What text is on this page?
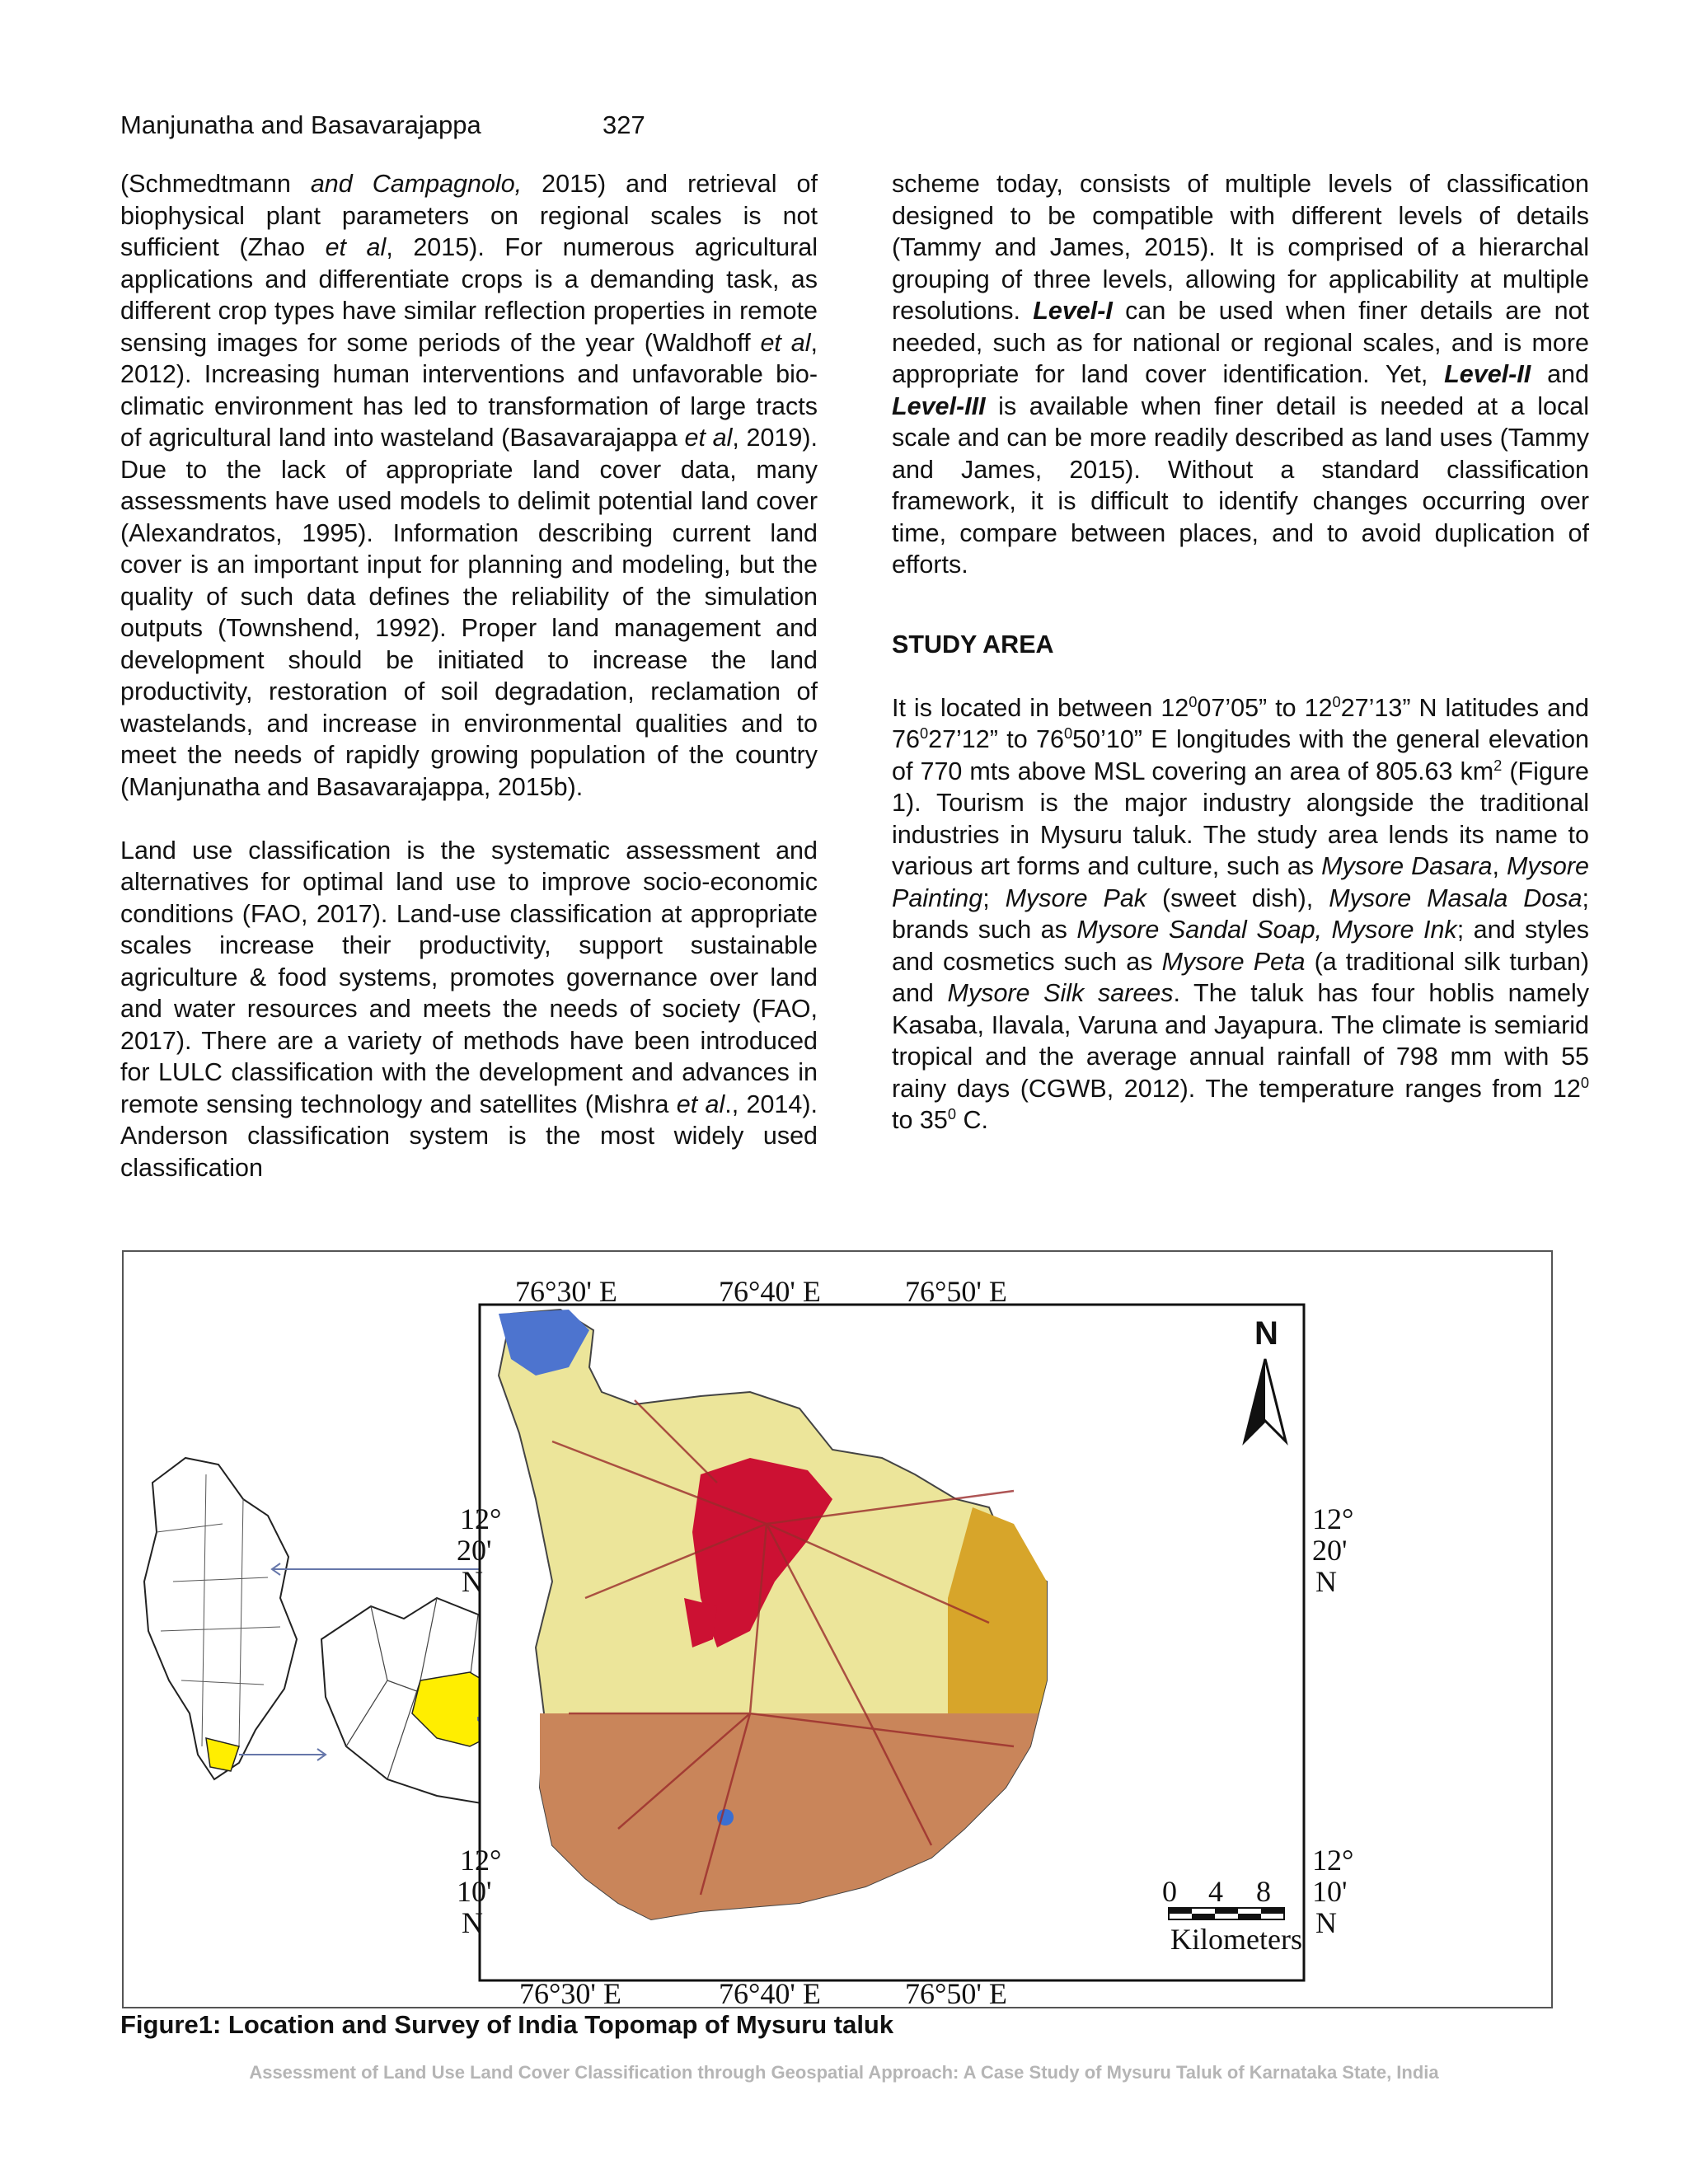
Manjunatha and Basavarajappa	327

(Schmedtmann and Campagnolo, 2015) and retrieval of biophysical plant parameters on regional scales is not sufficient (Zhao et al, 2015). For numerous agricultural applications and differentiate crops is a demanding task, as different crop types have similar reflection properties in remote sensing images for some periods of the year (Waldhoff et al, 2012). Increasing human interventions and unfavorable bio-climatic environment has led to transformation of large tracts of agricultural land into wasteland (Basavarajappa et al, 2019). Due to the lack of appropriate land cover data, many assessments have used models to delimit potential land cover (Alexandratos, 1995). Information describing current land cover is an important input for planning and modeling, but the quality of such data defines the reliability of the simulation outputs (Townshend, 1992). Proper land management and development should be initiated to increase the land productivity, restoration of soil degradation, reclamation of wastelands, and increase in environmental qualities and to meet the needs of rapidly growing population of the country (Manjunatha and Basavarajappa, 2015b).

Land use classification is the systematic assessment and alternatives for optimal land use to improve socio-economic conditions (FAO, 2017). Land-use classification at appropriate scales increase their productivity, support sustainable agriculture & food systems, promotes governance over land and water resources and meets the needs of society (FAO, 2017). There are a variety of methods have been introduced for LULC classification with the development and advances in remote sensing technology and satellites (Mishra et al., 2014). Anderson classification system is the most widely used classification

scheme today, consists of multiple levels of classification designed to be compatible with different levels of details (Tammy and James, 2015). It is comprised of a hierarchal grouping of three levels, allowing for applicability at multiple resolutions. Level-I can be used when finer details are not needed, such as for national or regional scales, and is more appropriate for land cover identification. Yet, Level-II and Level-III is available when finer detail is needed at a local scale and can be more readily described as land uses (Tammy and James, 2015). Without a standard classification framework, it is difficult to identify changes occurring over time, compare between places, and to avoid duplication of efforts.

STUDY AREA

It is located in between $12^007’05$” to $12^027’13$” N latitudes and $76^027’12$” to $76^050’10$” E longitudes with the general elevation of 770 mts above MSL covering an area of 805.63 $km^2$ (Figure 1). Tourism is the major industry alongside the traditional industries in Mysuru taluk. The study area lends its name to various art forms and culture, such as Mysore Dasara, Mysore Painting; Mysore Pak (sweet dish), Mysore Masala Dosa; brands such as Mysore Sandal Soap, Mysore Ink; and styles and cosmetics such as Mysore Peta (a traditional silk turban) and Mysore Silk sarees. The taluk has four hoblis namely Kasaba, Ilavala, Varuna and Jayapura. The climate is semiarid tropical and the average annual rainfall of 798 mm with 55 rainy days (CGWB, 2012). The temperature ranges from $12^0$ to $35^0$ C.

76°30' E	76°40' E	76°50' E
76°30' E	76°40' E	76°50' E
12°
20'
N
12°
10'
N
12°
20'
N
12°
10'
N
N
0 4 8
Kilometers
Figure1: Location and Survey of India Topomap of Mysuru taluk
Assessment of Land Use Land Cover Classification through Geospatial Approach: A Case Study of Mysuru Taluk of Karnataka State, India
